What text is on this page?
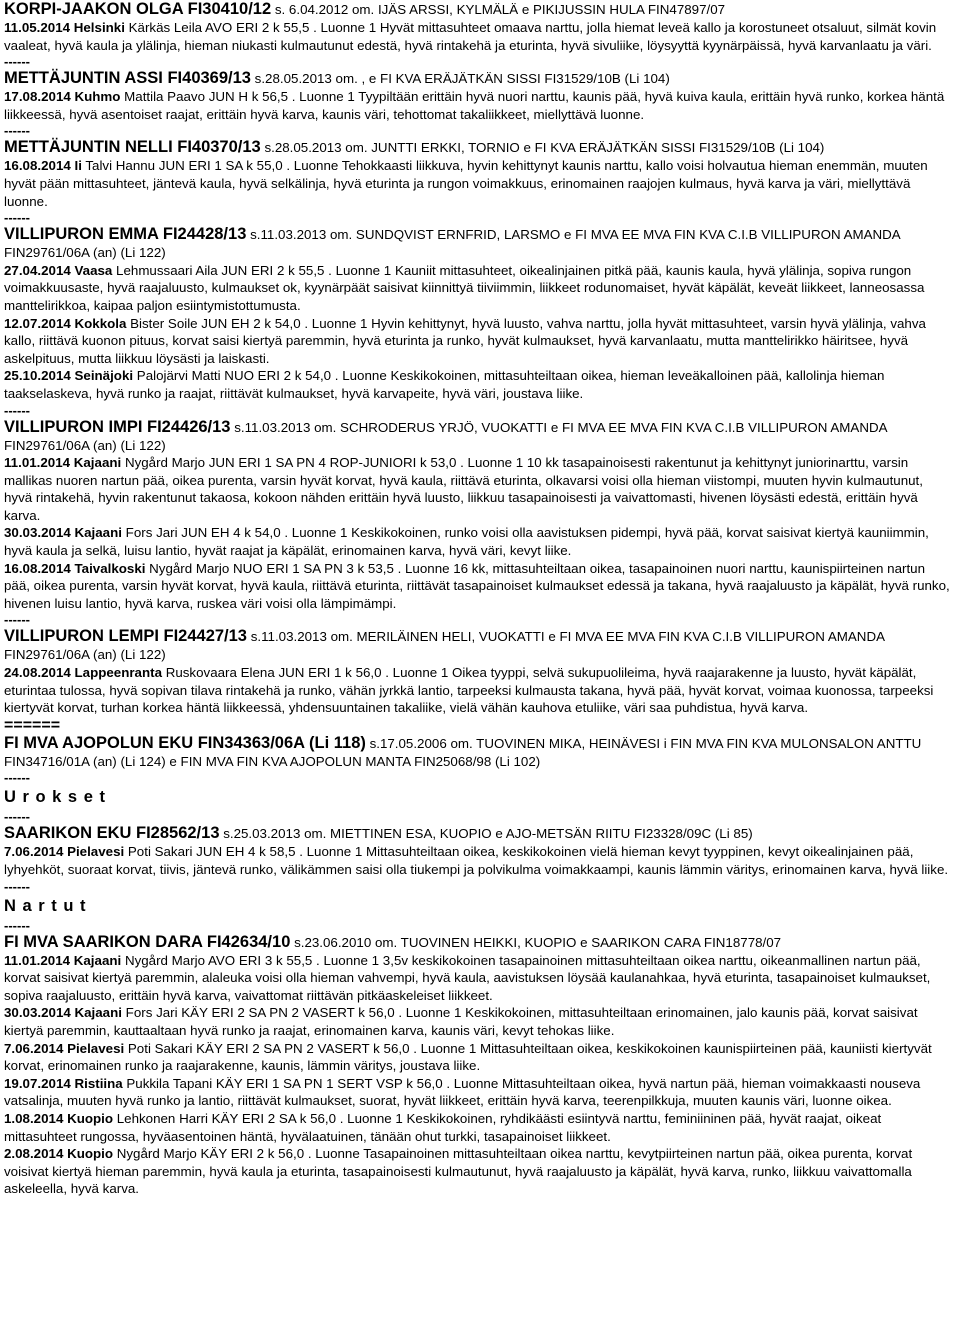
KORPI-JAAKON OLGA FI30410/12 s. 6.04.2012 om. IJÄS ARSSI, KYLMÄLÄ e PIKIJUSSIN HULA FIN47897/07
11.05.2014 Helsinki Kärkäs Leila AVO ERI 2 k 55,5 . Luonne 1 Hyvät mittasuhteet omaava narttu, jolla hiemat leveä kallo ja korostuneet otsaluut, silmät kovin vaaleat, hyvä kaula ja ylälinja, hieman niukasti kulmautunut edestä, hyvä rintakehä ja eturinta, hyvä sivuliike, löysyyttä kyynärpäissä, hyvä karvanlaatu ja väri.
------
METTÄJUNTIN ASSI FI40369/13 s.28.05.2013 om. , e FI KVA ERÄJÄTKÄN SISSI FI31529/10B (Li 104)
17.08.2014 Kuhmo Mattila Paavo JUN H k 56,5 . Luonne 1 Tyypiltään erittäin hyvä nuori narttu, kaunis pää, hyvä kuiva kaula, erittäin hyvä runko, korkea häntä liikkeessä, hyvä asentoiset raajat, erittäin hyvä karva, kaunis väri, tehottomat takaliikkeet, miellyttävä luonne.
------
METTÄJUNTIN NELLI FI40370/13 s.28.05.2013 om. JUNTTI ERKKI, TORNIO e FI KVA ERÄJÄTKÄN SISSI FI31529/10B (Li 104)
16.08.2014 Ii Talvi Hannu JUN ERI 1 SA k 55,0 . Luonne Tehokkaasti liikkuva, hyvin kehittynyt kaunis narttu, kallo voisi holvautua hieman enemmän, muuten hyvät pään mittasuhteet, jäntevä kaula, hyvä selkälinja, hyvä eturinta ja rungon voimakkuus, erinomainen raajojen kulmaus, hyvä karva ja väri, miellyttävä luonne.
------
VILLIPURON EMMA FI24428/13 s.11.03.2013 om. SUNDQVIST ERNFRID, LARSMO e FI MVA EE MVA FIN KVA C.I.B VILLIPURON AMANDA FIN29761/06A (an) (Li 122)
27.04.2014 Vaasa Lehmussaari Aila JUN ERI 2 k 55,5 . Luonne 1 Kauniit mittasuhteet, oikealinjainen pitkä pää, kaunis kaula, hyvä ylälinja, sopiva rungon voimakkuusaste, hyvä raajaluusto, kulmaukset ok, kyynärpäät saisivat kiinnittyä tiiviimmin, liikkeet rodunomaiset, hyvät käpälät, keveät liikkeet, lanneosassa manttelirikkoa, kaipaa paljon esiintymistottumusta.
12.07.2014 Kokkola Bister Soile JUN EH 2 k 54,0 . Luonne 1 Hyvin kehittynyt, hyvä luusto, vahva narttu, jolla hyvät mittasuhteet, varsin hyvä ylälinja, vahva kallo, riittävä kuonon pituus, korvat saisi kiertyä paremmin, hyvä eturinta ja runko, hyvät kulmaukset, hyvä karvanlaatu, mutta manttelirikko häiritsee, hyvä askelpituus, mutta liikkuu löysästi ja laiskasti.
25.10.2014 Seinäjoki Palojärvi Matti NUO ERI 2 k 54,0 . Luonne Keskikokoinen, mittasuhteiltaan oikea, hieman leveäkalloinen pää, kallolinja hieman taakselaskeva, hyvä runko ja raajat, riittävät kulmaukset, hyvä karvapeite, hyvä väri, joustava liike.
------
VILLIPURON IMPI FI24426/13 s.11.03.2013 om. SCHRODERUS YRJÖ, VUOKATTI e FI MVA EE MVA FIN KVA C.I.B VILLIPURON AMANDA FIN29761/06A (an) (Li 122)
11.01.2014 Kajaani Nygård Marjo JUN ERI 1 SA PN 4 ROP-JUNIORI k 53,0 . Luonne 1 10 kk tasapainoisesti rakentunut ja kehittynyt juniorinarttu, varsin mallikas nuoren nartun pää, oikea purenta, varsin hyvät korvat, hyvä kaula, riittävä eturinta, olkavarsi voisi olla hieman viistompi, muuten hyvin kulmautunut, hyvä rintakehä, hyvin rakentunut takaosa, kokoon nähden erittäin hyvä luusto, liikkuu tasapainoisesti ja vaivattomasti, hivenen löysästi edestä, erittäin hyvä karva.
30.03.2014 Kajaani Fors Jari JUN EH 4 k 54,0 . Luonne 1 Keskikokoinen, runko voisi olla aavistuksen pidempi, hyvä pää, korvat saisivat kiertyä kauniimmin, hyvä kaula ja selkä, luisu lantio, hyvät raajat ja käpälät, erinomainen karva, hyvä väri, kevyt liike.
16.08.2014 Taivalkoski Nygård Marjo NUO ERI 1 SA PN 3 k 53,5 . Luonne 16 kk, mittasuhteiltaan oikea, tasapainoinen nuori narttu, kaunispiirteinen nartun pää, oikea purenta, varsin hyvät korvat, hyvä kaula, riittävä eturinta, riittävät tasapainoiset kulmaukset edessä ja takana, hyvä raajaluusto ja käpälät, hyvä runko, hivenen luisu lantio, hyvä karva, ruskea väri voisi olla lämpimämpi.
------
VILLIPURON LEMPI FI24427/13 s.11.03.2013 om. MERILÄINEN HELI, VUOKATTI e FI MVA EE MVA FIN KVA C.I.B VILLIPURON AMANDA FIN29761/06A (an) (Li 122)
24.08.2014 Lappeenranta Ruskovaara Elena JUN ERI 1 k 56,0 . Luonne 1 Oikea tyyppi, selvä sukupuolileima, hyvä raajarakenne ja luusto, hyvät käpälät, eturintaa tulossa, hyvä sopivan tilava rintakehä ja runko, vähän jyrkkä lantio, tarpeeksi kulmausta takana, hyvä pää, hyvät korvat, voimaa kuonossa, tarpeeksi kiertyvät korvat, turhan korkea häntä liikkeessä, yhdensuuntainen takaliike, vielä vähän kauhova etuliike, väri saa puhdistua, hyvä karva.
======
FI MVA AJOPOLUN EKU FIN34363/06A (Li 118) s.17.05.2006 om. TUOVINEN MIKA, HEINÄVESI i FIN MVA FIN KVA MULONSALON ANTTU FIN34716/01A (an) (Li 124) e FIN MVA FIN KVA AJOPOLUN MANTA FIN25068/98 (Li 102)
------
U r o k s e t
------
SAARIKON EKU FI28562/13 s.25.03.2013 om. MIETTINEN ESA, KUOPIO e AJO-METSÄN RIITU FI23328/09C (Li 85)
7.06.2014 Pielavesi Poti Sakari JUN EH 4 k 58,5 . Luonne 1 Mittasuhteiltaan oikea, keskikokoinen vielä hieman kevyt tyyppinen, kevyt oikealinjainen pää, lyhyehköt, suoraat korvat, tiivis, jäntevä runko, välikämmen saisi olla tiukempi ja polvikulma voimakkaampi, kaunis lämmin väritys, erinomainen karva, hyvä liike.
------
N a r t u t
------
FI MVA SAARIKON DARA FI42634/10 s.23.06.2010 om. TUOVINEN HEIKKI, KUOPIO e SAARIKON CARA FIN18778/07
11.01.2014 Kajaani Nygård Marjo AVO ERI 3 k 55,5 . Luonne 1 3,5v keskikokoinen tasapainoinen mittasuhteiltaan oikea narttu, oikeanmallinen nartun pää, korvat saisivat kiertyä paremmin, alaleuka voisi olla hieman vahvempi, hyvä kaula, aavistuksen löysää kaulanahkaa, hyvä eturinta, tasapainoiset kulmaukset, sopiva raajaluusto, erittäin hyvä karva, vaivattomat riittävän pitkäaskeleiset liikkeet.
30.03.2014 Kajaani Fors Jari KÄY ERI 2 SA PN 2 VASERT k 56,0 . Luonne 1 Keskikokoinen, mittasuhteiltaan erinomainen, jalo kaunis pää, korvat saisivat kiertyä paremmin, kauttaaltaan hyvä runko ja raajat, erinomainen karva, kaunis väri, kevyt tehokas liike.
7.06.2014 Pielavesi Poti Sakari KÄY ERI 2 SA PN 2 VASERT k 56,0 . Luonne 1 Mittasuhteiltaan oikea, keskikokoinen kaunispiirteinen pää, kauniisti kiertyvät korvat, erinomainen runko ja raajarakenne, kaunis, lämmin väritys, joustava liike.
19.07.2014 Ristiina Pukkila Tapani KÄY ERI 1 SA PN 1 SERT VSP k 56,0 . Luonne Mittasuhteiltaan oikea, hyvä nartun pää, hieman voimakkaasti nouseva vatsalinja, muuten hyvä runko ja lantio, riittävät kulmaukset, suorat, hyvät liikkeet, erittäin hyvä karva, teerenpilkkuja, muuten kaunis väri, luonne oikea.
1.08.2014 Kuopio Lehkonen Harri KÄY ERI 2 SA k 56,0 . Luonne 1 Keskikokoinen, ryhdikäästi esiintyvä narttu, feminiininen pää, hyvät raajat, oikeat mittasuhteet rungossa, hyväasentoinen häntä, hyvälaatuinen, tänään ohut turkki, tasapainoiset liikkeet.
2.08.2014 Kuopio Nygård Marjo KÄY ERI 2 k 56,0 . Luonne Tasapainoinen mittasuhteiltaan oikea narttu, kevytpiirteinen nartun pää, oikea purenta, korvat voisivat kiertyä hieman paremmin, hyvä kaula ja eturinta, tasapainoisesti kulmautunut, hyvä raajaluusto ja käpälät, hyvä karva, runko, liikkuu vaivattomalla askeleella, hyvä karva.
